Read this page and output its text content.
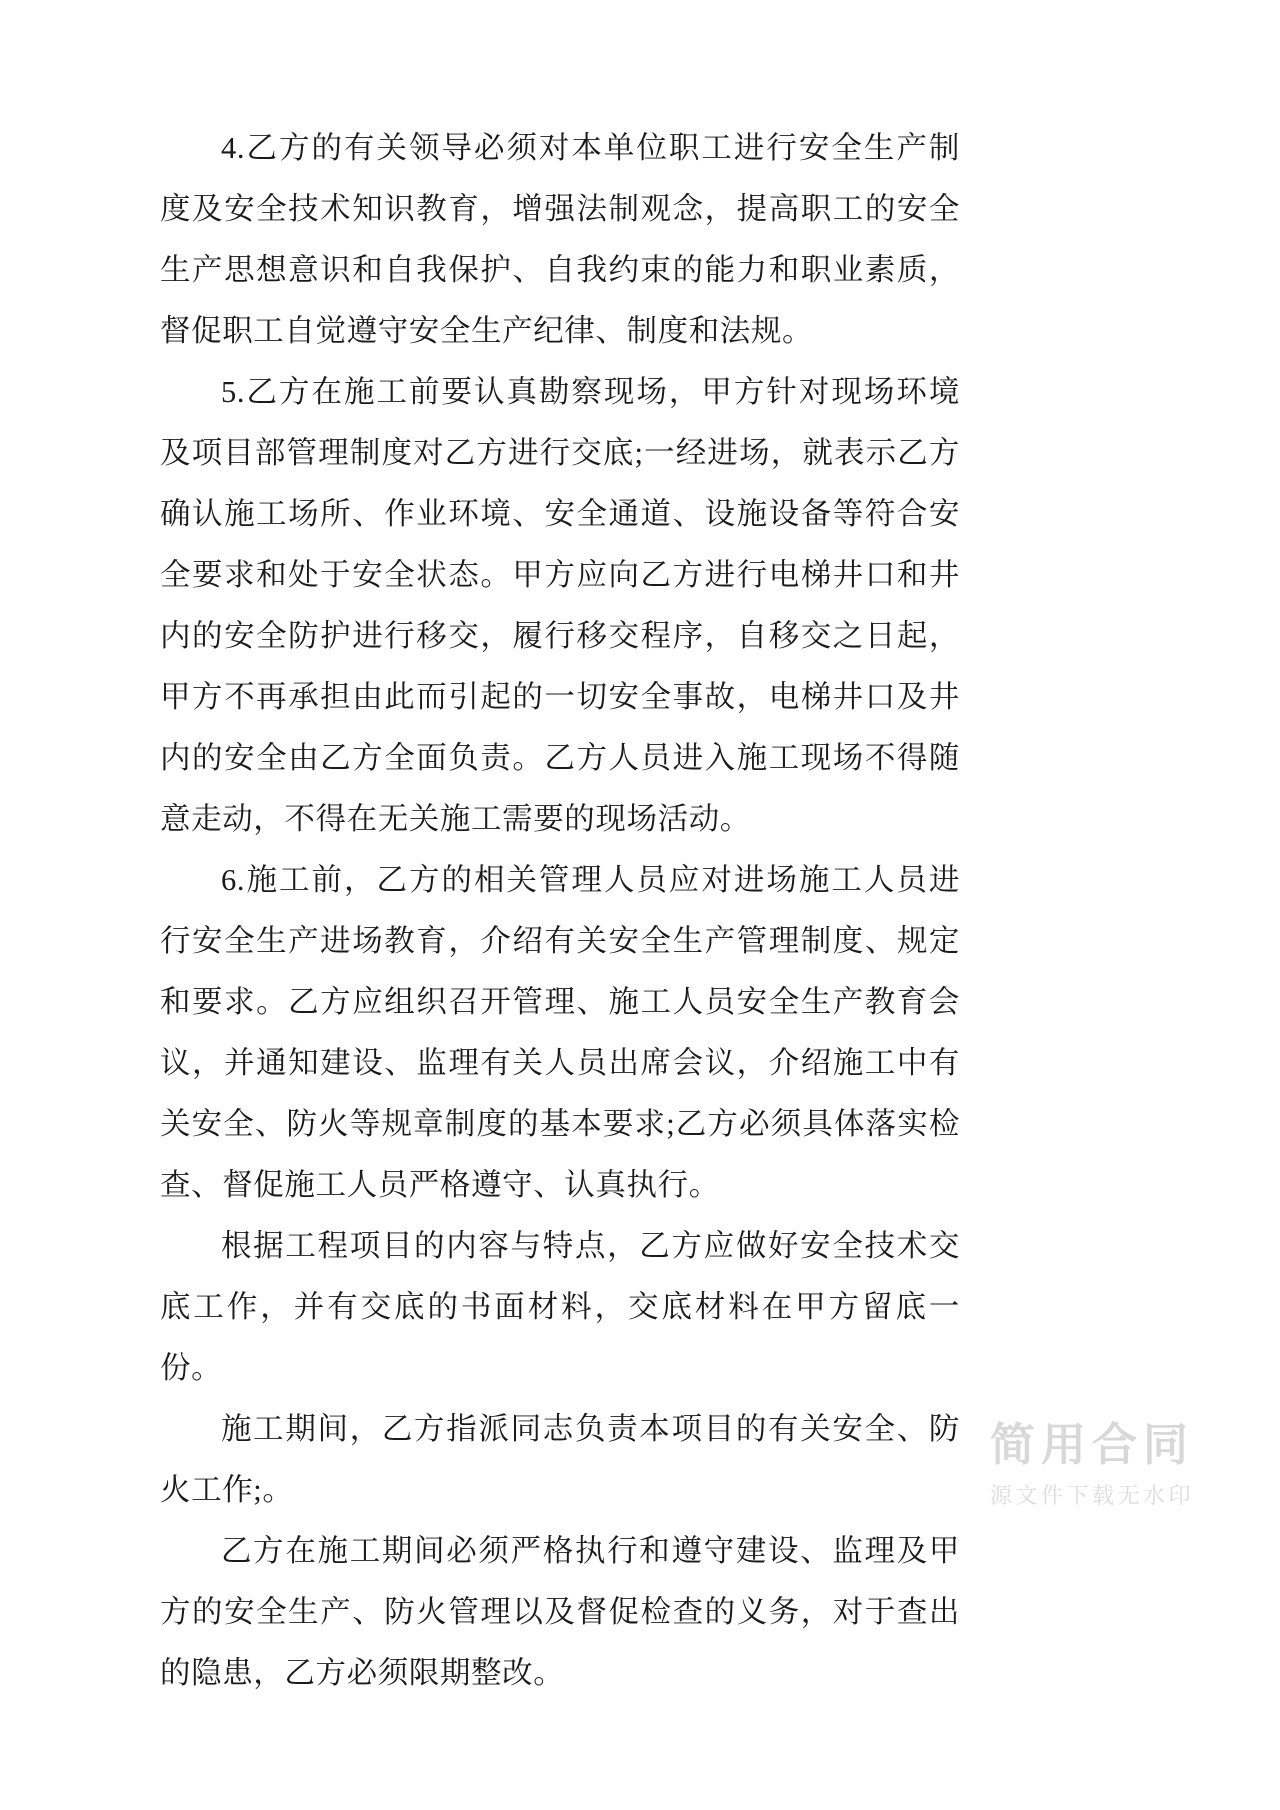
4.乙方的有关领导必须对本单位职工进行安全生产制度及安全技术知识教育，增强法制观念，提高职工的安全生产思想意识和自我保护、自我约束的能力和职业素质，督促职工自觉遵守安全生产纪律、制度和法规。

5.乙方在施工前要认真勘察现场，甲方针对现场环境及项目部管理制度对乙方进行交底;一经进场，就表示乙方确认施工场所、作业环境、安全通道、设施设备等符合安全要求和处于安全状态。甲方应向乙方进行电梯井口和井内的安全防护进行移交，履行移交程序，自移交之日起，甲方不再承担由此而引起的一切安全事故，电梯井口及井内的安全由乙方全面负责。乙方人员进入施工现场不得随意走动，不得在无关施工需要的现场活动。

6.施工前，乙方的相关管理人员应对进场施工人员进行安全生产进场教育，介绍有关安全生产管理制度、规定和要求。乙方应组织召开管理、施工人员安全生产教育会议，并通知建设、监理有关人员出席会议，介绍施工中有关安全、防火等规章制度的基本要求;乙方必须具体落实检查、督促施工人员严格遵守、认真执行。

根据工程项目的内容与特点，乙方应做好安全技术交底工作，并有交底的书面材料，交底材料在甲方留底一份。

施工期间，乙方指派同志负责本项目的有关安全、防火工作;。

乙方在施工期间必须严格执行和遵守建设、监理及甲方的安全生产、防火管理以及督促检查的义务，对于查出的隐患，乙方必须限期整改。

简用合同
源文件下载无水印
